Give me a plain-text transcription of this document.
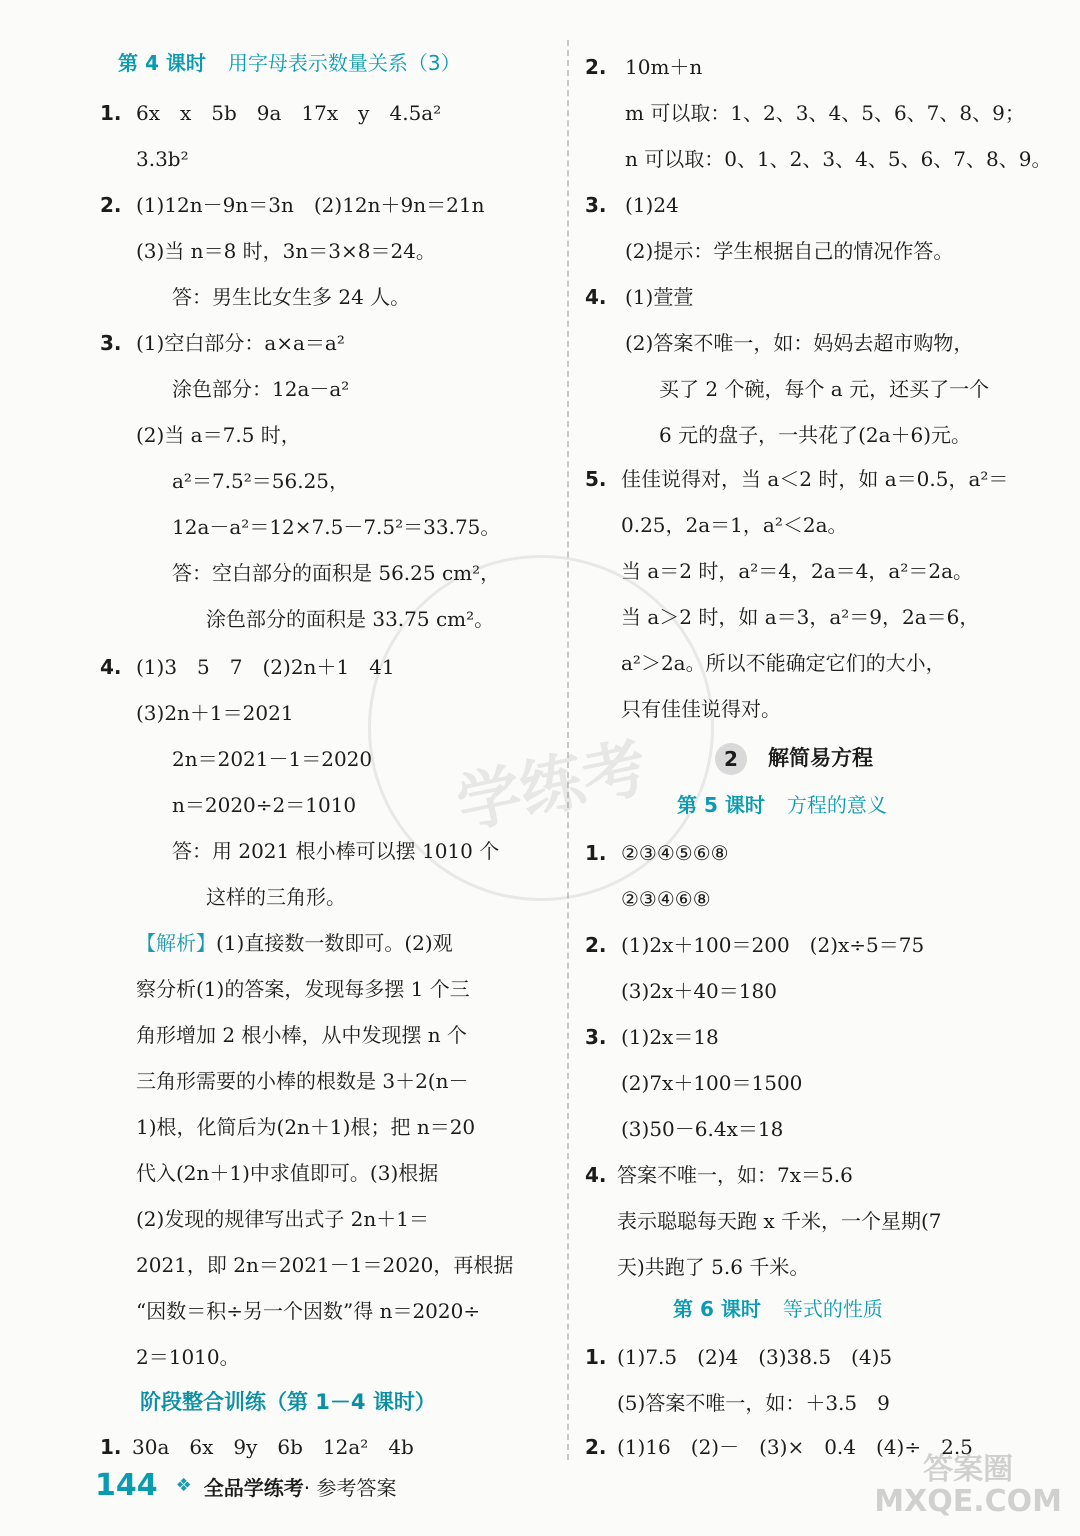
学练考
第 4 课时 用字母表示数量关系（3）
1. 6x　x　5b　9a　17x　y　4.5a²
3.3b²
2. (1)12n－9n＝3n　(2)12n＋9n＝21n
(3)当 n＝8 时，3n＝3×8＝24。
答：男生比女生多 24 人。
3. (1)空白部分：a×a＝a²
涂色部分：12a－a²
(2)当 a＝7.5 时，
a²＝7.5²＝56.25，
12a－a²＝12×7.5－7.5²＝33.75。
答：空白部分的面积是 56.25 cm²，
涂色部分的面积是 33.75 cm²。
4. (1)3　5　7　(2)2n＋1　41
(3)2n＋1＝2021
2n＝2021－1＝2020
n＝2020÷2＝1010
答：用 2021 根小棒可以摆 1010 个
这样的三角形。
【解析】(1)直接数一数即可。(2)观
察分析(1)的答案，发现每多摆 1 个三
角形增加 2 根小棒，从中发现摆 n 个
三角形需要的小棒的根数是 3＋2(n－
1)根，化简后为(2n＋1)根；把 n＝20
代入(2n＋1)中求值即可。(3)根据
(2)发现的规律写出式子 2n＋1＝
2021，即 2n＝2021－1＝2020，再根据
“因数＝积÷另一个因数”得 n＝2020÷
2＝1010。
阶段整合训练（第 1－4 课时）
1. 30a　6x　9y　6b　12a²　4b
2. 10m＋n
m 可以取：1、2、3、4、5、6、7、8、9；
n 可以取：0、1、2、3、4、5、6、7、8、9。
3. (1)24
(2)提示：学生根据自己的情况作答。
4. (1)萱萱
(2)答案不唯一，如：妈妈去超市购物，
买了 2 个碗，每个 a 元，还买了一个
6 元的盘子，一共花了(2a＋6)元。
5. 佳佳说得对，当 a＜2 时，如 a＝0.5，a²＝
0.25，2a＝1，a²＜2a。
当 a＝2 时，a²＝4，2a＝4，a²＝2a。
当 a＞2 时，如 a＝3，a²＝9，2a＝6，
a²＞2a。所以不能确定它们的大小，
只有佳佳说得对。
2	解简易方程
第 5 课时 方程的意义
1. ②③④⑤⑥⑧
②③④⑥⑧
2. (1)2x＋100＝200　(2)x÷5＝75
(3)2x＋40＝180
3. (1)2x＝18
(2)7x＋100＝1500
(3)50－6.4x＝18
4. 答案不唯一，如：7x＝5.6
表示聪聪每天跑 x 千米，一个星期(7
天)共跑了 5.6 千米。
第 6 课时 等式的性质
1. (1)7.5　(2)4　(3)38.5　(4)5
(5)答案不唯一，如：＋3.5　9
2. (1)16　(2)－　(3)×　0.4　(4)÷　2.5
144 ❖ 全品学练考· 参考答案
答案圈
MXQE.COM
